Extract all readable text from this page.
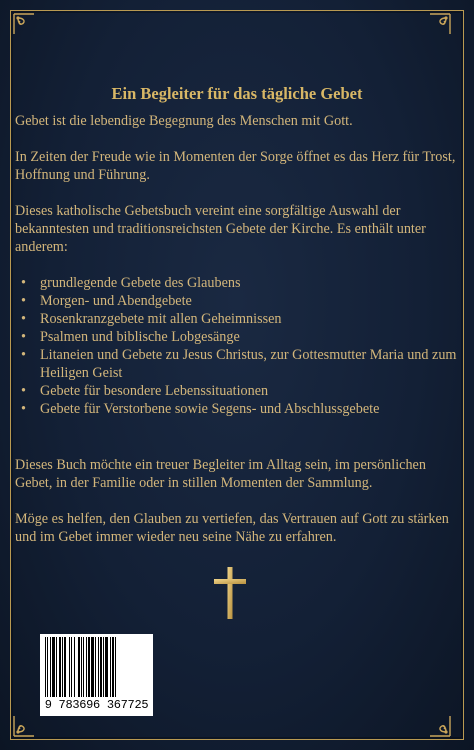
Ein Begleiter für das tägliche Gebet

Gebet ist die lebendige Begegnung des Menschen mit Gott.

In Zeiten der Freude wie in Momenten der Sorge öffnet es das Herz für Trost, Hoffnung und Führung.

Dieses katholische Gebetsbuch vereint eine sorgfältige Auswahl der bekanntesten und traditionsreichsten Gebete der Kirche. Es enthält unter anderem:

• grundlegende Gebete des Glaubens
• Morgen- und Abendgebete
• Rosenkranzgebete mit allen Geheimnissen
• Psalmen und biblische Lobgesänge
• Litaneien und Gebete zu Jesus Christus, zur Gottesmutter Maria und zum Heiligen Geist
• Gebete für besondere Lebenssituationen
• Gebete für Verstorbene sowie Segens- und Abschlussgebete

Dieses Buch möchte ein treuer Begleiter im Alltag sein, im persönlichen Gebet, in der Familie oder in stillen Momenten der Sammlung.

Möge es helfen, den Glauben zu vertiefen, das Vertrauen auf Gott zu stärken und im Gebet immer wieder neu seine Nähe zu erfahren.

9 783696 367725
